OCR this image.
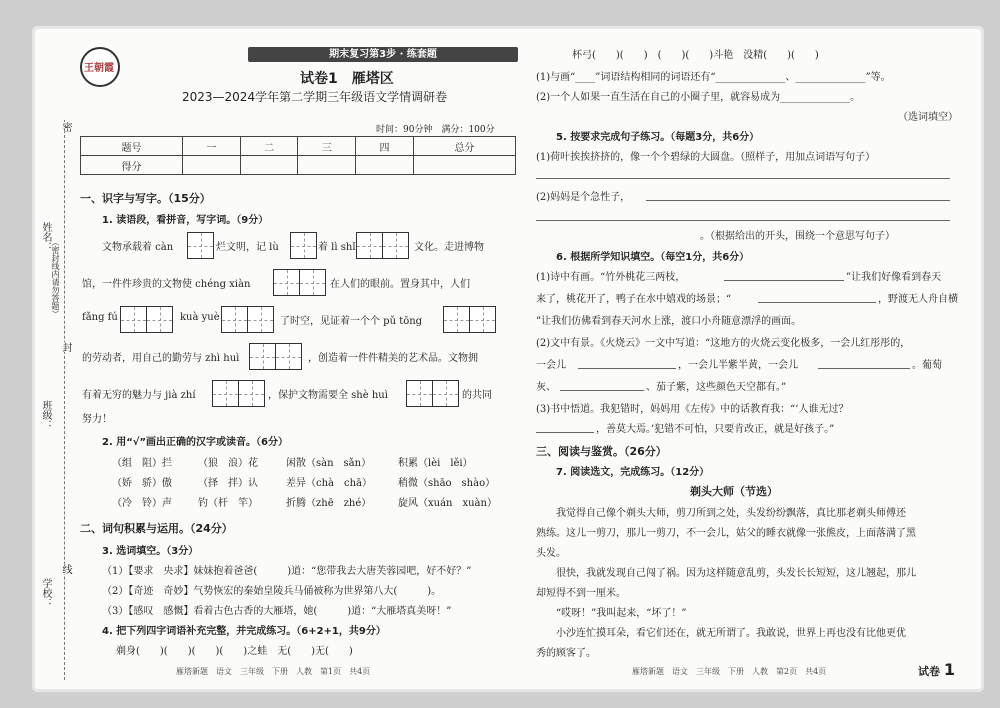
姓名：
班级：
学校：
（密封线内请勿答题）
密
封
线
王朝霞
期末复习第3步 · 练套题
试卷1　雁塔区
2023—2024学年第二学期三年级语文学情调研卷
时间：90分钟　满分：100分
题号	一	二	三	四	总分
得分					
一、识字与写字。（15分）
1. 读语段，看拼音，写字词。（9分）
文物承载着 càn	烂文明，记 lù	着 lì shǐ	文化。走进博物
馆，一件件珍贵的文物使 chéng xiàn	在人们的眼前。置身其中，人们
fǎng fú	kuà yuè	了时空，见证着一个个 pǔ tōng
的劳动者，用自己的勤劳与 zhì huì	，创造着一件件精美的艺术品。文物拥
有着无穷的魅力与 jià zhí	，保护文物需要全 shè huì	的共同
努力！
2. 用“√”画出正确的汉字或读音。（6分）
（组　阻）拦	（狼　浪）花	闲散（sàn　sǎn）	积累（lèi　lěi）
（娇　骄）傲	（择　拌）认	差异（chà　chā）	稍微（shāo　shào）
（冷　铃）声	钓（杆　竿）	折腾（zhē　zhé）	旋风（xuán　xuàn）
二、词句积累与运用。（24分）
3. 选词填空。（3分）
（1）【要求　央求】妹妹抱着爸爸(　　　)道：“您带我去大唐芙蓉园吧，好不好？”
（2）【奇迹　奇妙】气势恢宏的秦始皇陵兵马俑被称为世界第八大(　　　)。
（3）【感叹　感慨】看着古色古香的大雁塔，她(　　　)道：“大雁塔真美呀！”
4. 把下列四字词语补充完整，并完成练习。（6+2+1，共9分）
剃身(　　)(　　)(　　)(　　)之蛙　无(　　)无(　　)
杯弓(　　)(　　)　(　　)(　　)斗艳　没精(　　)(　　)
(1)与画“____”词语结构相同的词语还有“______________、______________”等。
(2)一个人如果一直生活在自己的小圈子里，就容易成为______________。
（选词填空）
5. 按要求完成句子练习。（每题3分，共6分）
(1)荷叶挨挨挤挤的，像一个个碧绿的大圆盘。（照样子，用加点词语写句子）
(2)妈妈是个急性子，
。（根据给出的开头，围绕一个意思写句子）
6. 根据所学知识填空。（每空1分，共6分）
(1)诗中有画。“竹外桃花三两枝，	”让我们好像看到春天
来了，桃花开了，鸭子在水中嬉戏的场景；“	，野渡无人舟自横
”让我们仿佛看到春天河水上涨，渡口小舟随意漂浮的画面。
(2)文中有景。《火烧云》一文中写道：“这地方的火烧云变化极多，一会儿红彤彤的，
一会儿	，一会儿半紫半黄，一会儿	。葡萄
灰、	、茄子紫，这些颜色天空都有。”
(3)书中悟道。我犯错时，妈妈用《左传》中的话教育我：“‘人谁无过？
，善莫大焉。’犯错不可怕，只要肯改正，就是好孩子。”
三、阅读与鉴赏。（26分）
7. 阅读选文，完成练习。（12分）
剃头大师（节选）
我觉得自己像个剃头大师，剪刀所到之处，头发纷纷飘落，真比那老剃头师傅还
熟练。这儿一剪刀，那儿一剪刀，不一会儿，姑父的睡衣就像一张熊皮，上面落满了黑
头发。
很快，我就发现自己闯了祸。因为这样随意乱剪，头发长长短短，这儿翘起，那儿
却短得不到一厘米。
“哎呀！”我叫起来，“坏了！”
小沙连忙摸耳朵，看它们还在，就无所谓了。我敢说，世界上再也没有比他更优
秀的顾客了。
雁塔新题　语文　三年级　下册　人教　第1页　共4页	雁塔新题　语文　三年级　下册　人教　第2页　共4页	试卷 1
